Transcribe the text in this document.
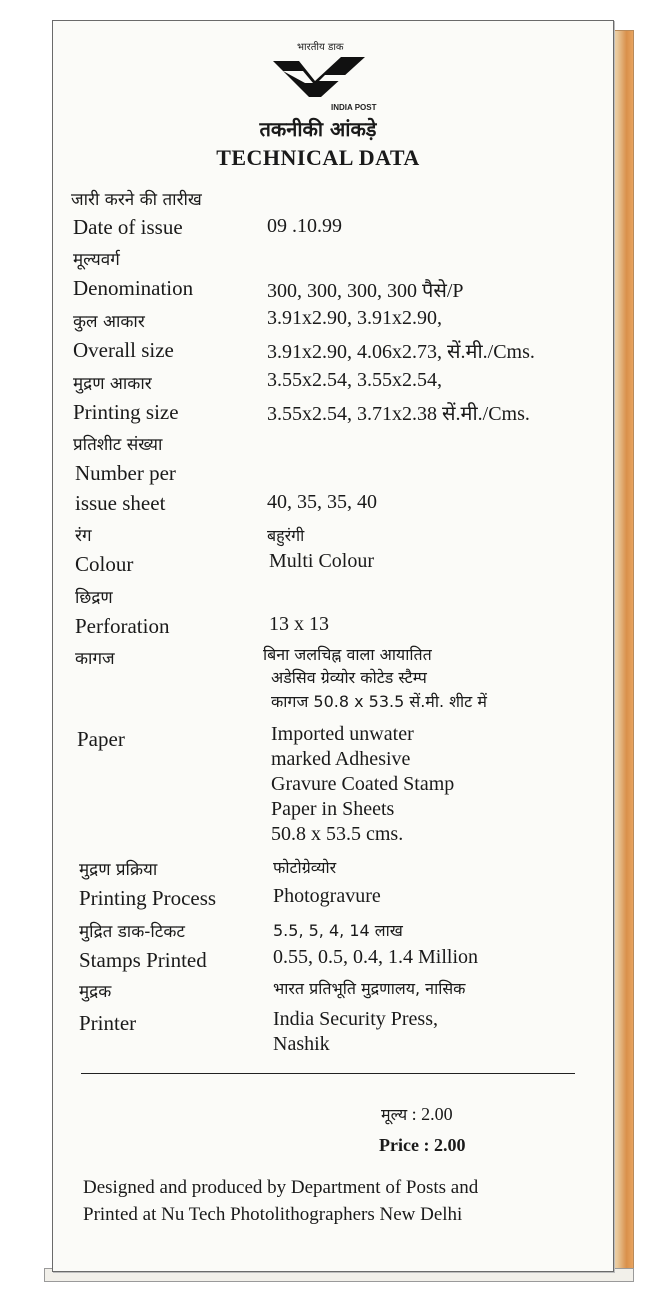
भारतीय डाक
INDIA POST
तकनीकी आंकड़े
TECHNICAL DATA
जारी करने की तारीख
Date of issue	09 .10.99
मूल्यवर्ग
Denomination	300, 300, 300, 300 पैसे/P
कुल आकार	3.91x2.90, 3.91x2.90,
Overall size	3.91x2.90, 4.06x2.73, सें.मी./Cms.
मुद्रण आकार	3.55x2.54, 3.55x2.54,
Printing size	3.55x2.54, 3.71x2.38 सें.मी./Cms.
प्रतिशीट संख्या
Number per
issue sheet	40, 35, 35, 40
रंग	बहुरंगी
Colour	Multi Colour
छिद्रण
Perforation	13 x 13
कागज	बिना जलचिह्न वाला आयातित
अडेसिव ग्रेव्योर कोटेड स्टैम्प
कागज 50.8 x 53.5 सें.मी. शीट में
Paper	Imported unwater
marked Adhesive
Gravure Coated Stamp
Paper in Sheets
50.8 x 53.5 cms.
मुद्रण प्रक्रिया	फोटोग्रेव्योर
Printing Process	Photogravure
मुद्रित डाक-टिकट	5.5, 5, 4, 14 लाख
Stamps Printed	0.55, 0.5, 0.4, 1.4 Million
मुद्रक	भारत प्रतिभूति मुद्रणालय, नासिक
Printer	India Security Press,
Nashik
मूल्य : 2.00
Price : 2.00
Designed and produced by Department of Posts and
Printed at Nu Tech Photolithographers New Delhi
